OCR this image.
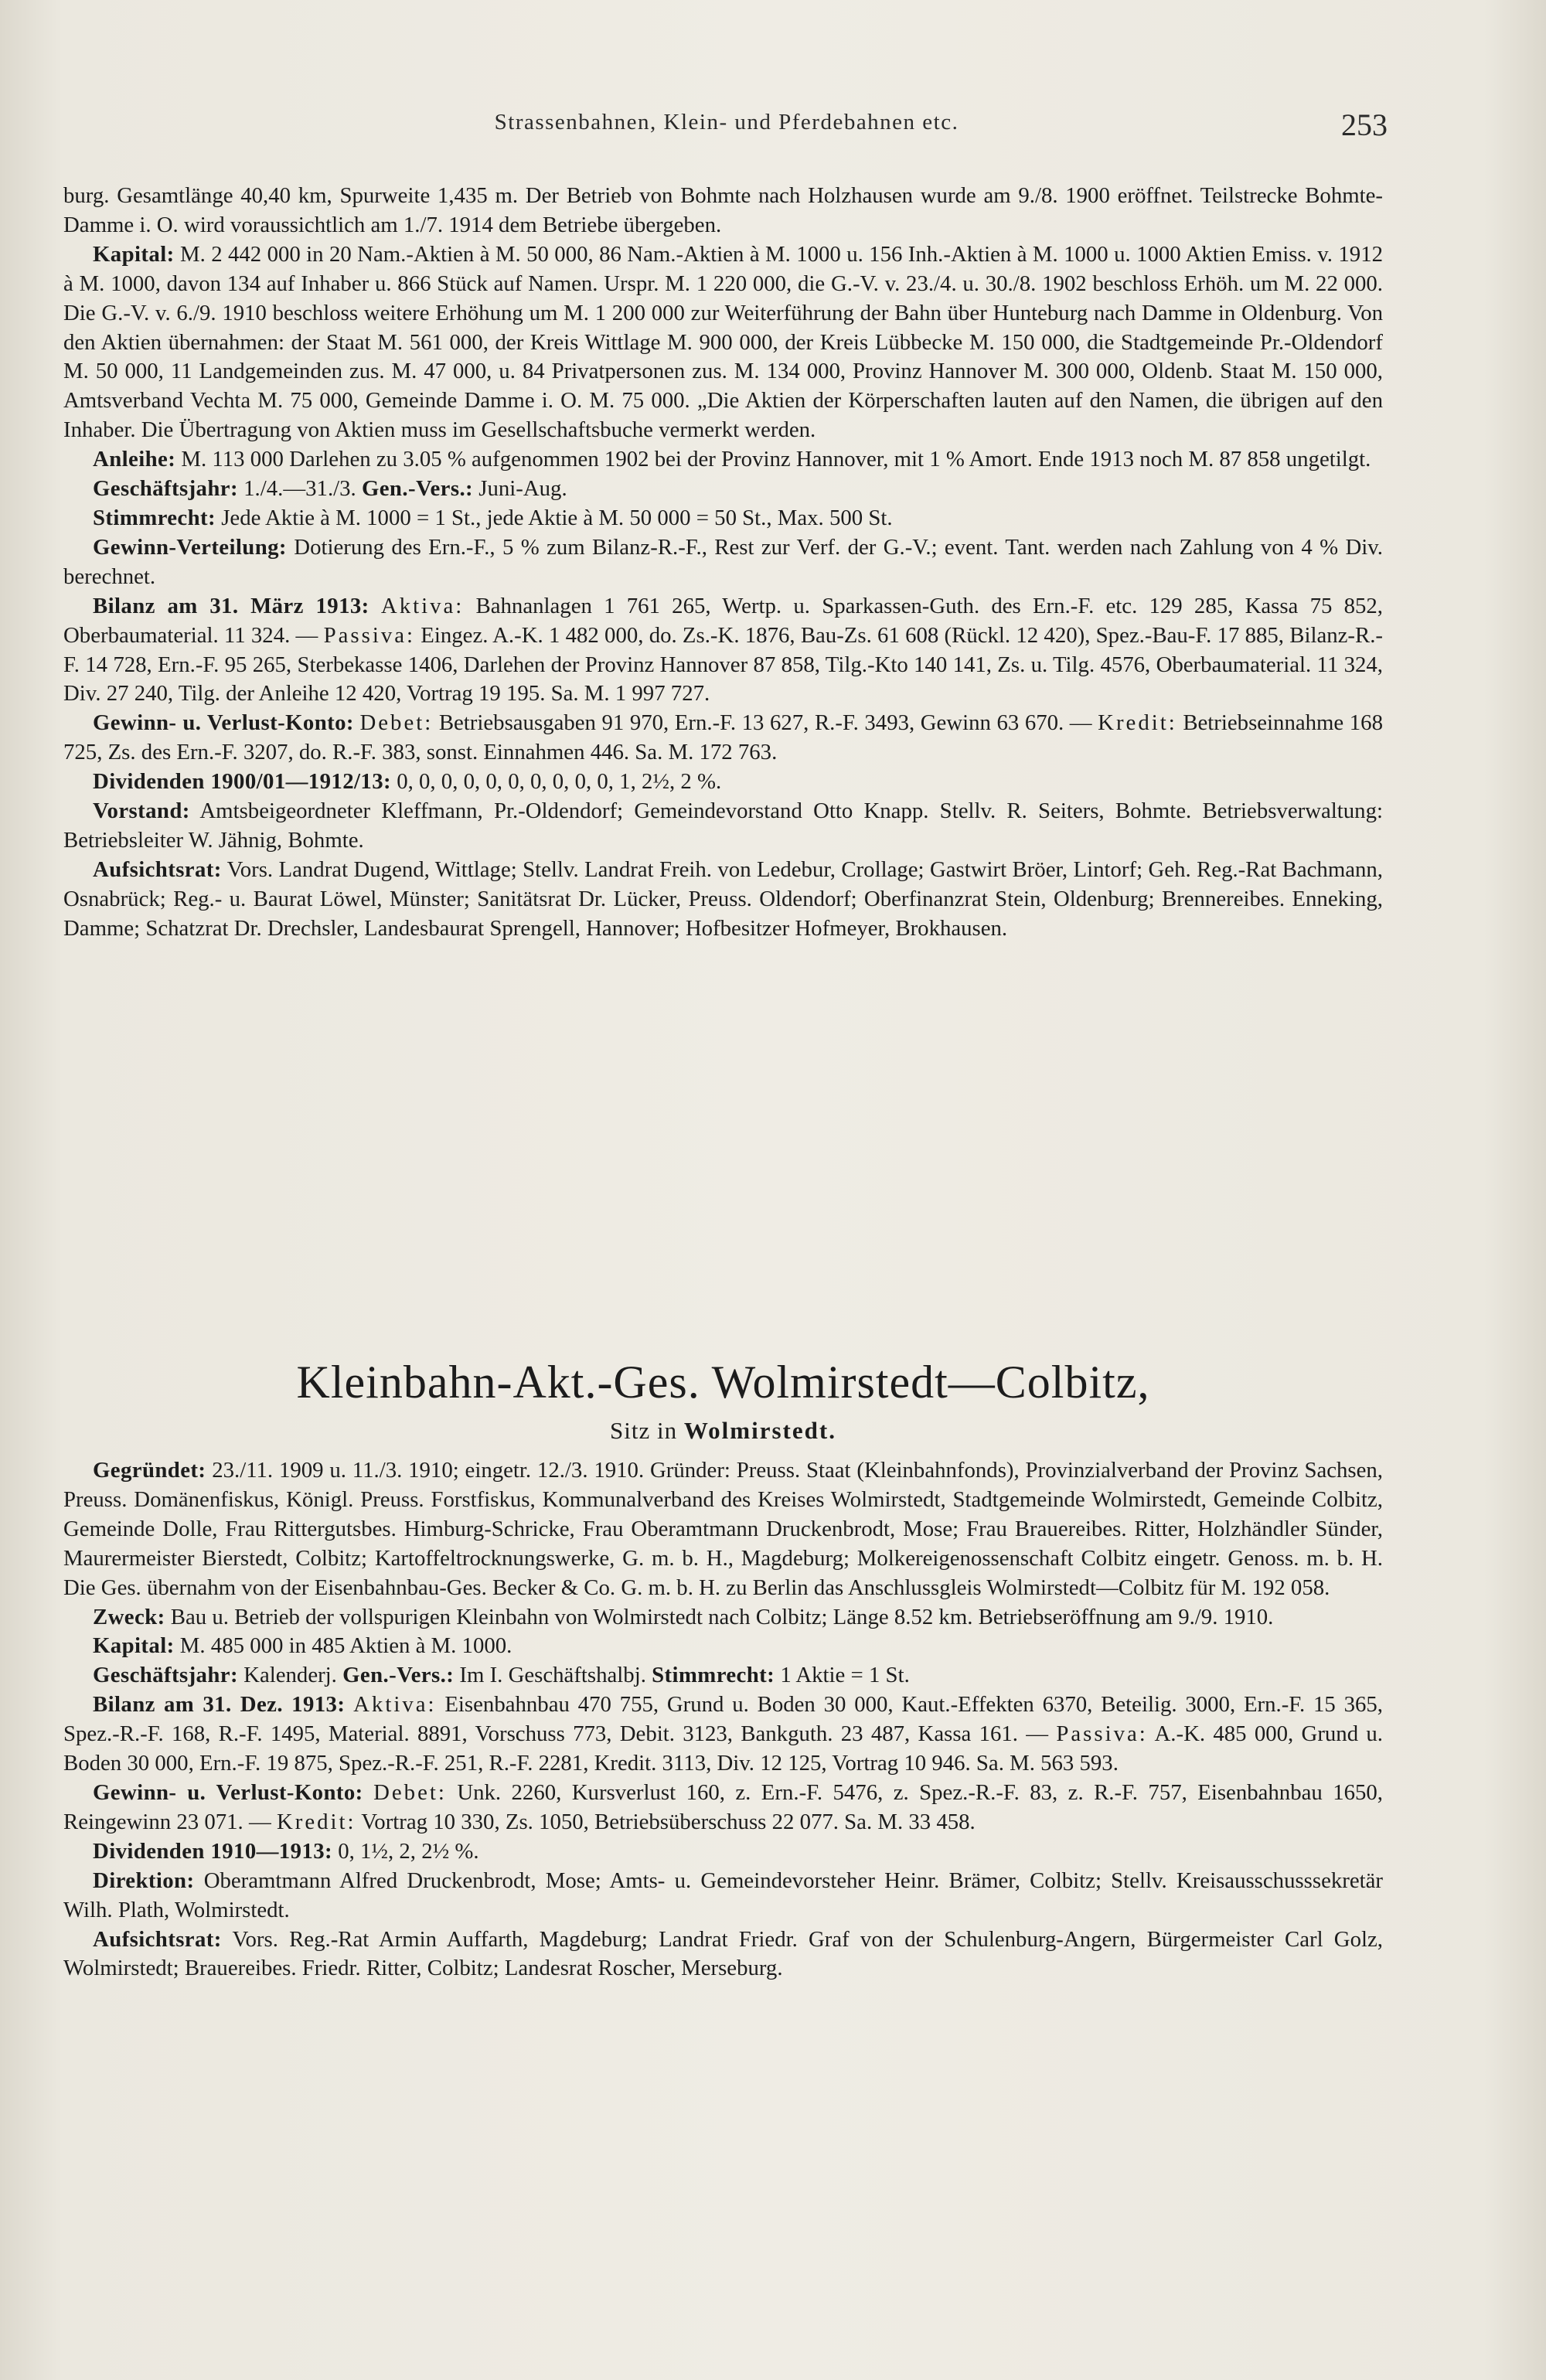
Strassenbahnen, Klein- und Pferdebahnen etc.	253

burg. Gesamtlänge 40,40 km, Spurweite 1,435 m. Der Betrieb von Bohmte nach Holzhausen wurde am 9./8. 1900 eröffnet. Teilstrecke Bohmte-Damme i. O. wird voraussichtlich am 1./7. 1914 dem Betriebe übergeben.

Kapital: M. 2 442 000 in 20 Nam.-Aktien à M. 50 000, 86 Nam.-Aktien à M. 1000 u. 156 Inh.-Aktien à M. 1000 u. 1000 Aktien Emiss. v. 1912 à M. 1000, davon 134 auf Inhaber u. 866 Stück auf Namen. Urspr. M. 1 220 000, die G.-V. v. 23./4. u. 30./8. 1902 beschloss Erhöh. um M. 22 000. Die G.-V. v. 6./9. 1910 beschloss weitere Erhöhung um M. 1 200 000 zur Weiterführung der Bahn über Hunteburg nach Damme in Oldenburg. Von den Aktien übernahmen: der Staat M. 561 000, der Kreis Wittlage M. 900 000, der Kreis Lübbecke M. 150 000, die Stadtgemeinde Pr.-Oldendorf M. 50 000, 11 Landgemeinden zus. M. 47 000, u. 84 Privatpersonen zus. M. 134 000, Provinz Hannover M. 300 000, Oldenb. Staat M. 150 000, Amtsverband Vechta M. 75 000, Gemeinde Damme i. O. M. 75 000. „Die Aktien der Körperschaften lauten auf den Namen, die übrigen auf den Inhaber. Die Übertragung von Aktien muss im Gesellschaftsbuche vermerkt werden.

Anleihe: M. 113 000 Darlehen zu 3.05 % aufgenommen 1902 bei der Provinz Hannover, mit 1 % Amort. Ende 1913 noch M. 87 858 ungetilgt.

Geschäftsjahr: 1./4.—31./3. Gen.-Vers.: Juni-Aug.

Stimmrecht: Jede Aktie à M. 1000 = 1 St., jede Aktie à M. 50 000 = 50 St., Max. 500 St.

Gewinn-Verteilung: Dotierung des Ern.-F., 5 % zum Bilanz-R.-F., Rest zur Verf. der G.-V.; event. Tant. werden nach Zahlung von 4 % Div. berechnet.

Bilanz am 31. März 1913: Aktiva: Bahnanlagen 1 761 265, Wertp. u. Sparkassen-Guth. des Ern.-F. etc. 129 285, Kassa 75 852, Oberbaumaterial. 11 324. — Passiva: Eingez. A.-K. 1 482 000, do. Zs.-K. 1876, Bau-Zs. 61 608 (Rückl. 12 420), Spez.-Bau-F. 17 885, Bilanz-R.-F. 14 728, Ern.-F. 95 265, Sterbekasse 1406, Darlehen der Provinz Hannover 87 858, Tilg.-Kto 140 141, Zs. u. Tilg. 4576, Oberbaumaterial. 11 324, Div. 27 240, Tilg. der Anleihe 12 420, Vortrag 19 195. Sa. M. 1 997 727.

Gewinn- u. Verlust-Konto: Debet: Betriebsausgaben 91 970, Ern.-F. 13 627, R.-F. 3493, Gewinn 63 670. — Kredit: Betriebseinnahme 168 725, Zs. des Ern.-F. 3207, do. R.-F. 383, sonst. Einnahmen 446. Sa. M. 172 763.

Dividenden 1900/01—1912/13: 0, 0, 0, 0, 0, 0, 0, 0, 0, 0, 1, 2½, 2 %.

Vorstand: Amtsbeigeordneter Kleffmann, Pr.-Oldendorf; Gemeindevorstand Otto Knapp. Stellv. R. Seiters, Bohmte. Betriebsverwaltung: Betriebsleiter W. Jähnig, Bohmte.

Aufsichtsrat: Vors. Landrat Dugend, Wittlage; Stellv. Landrat Freih. von Ledebur, Crollage; Gastwirt Bröer, Lintorf; Geh. Reg.-Rat Bachmann, Osnabrück; Reg.- u. Baurat Löwel, Münster; Sanitätsrat Dr. Lücker, Preuss. Oldendorf; Oberfinanzrat Stein, Oldenburg; Brennereibes. Enneking, Damme; Schatzrat Dr. Drechsler, Landesbaurat Sprengell, Hannover; Hofbesitzer Hofmeyer, Brokhausen.

Kleinbahn-Akt.-Ges. Wolmirstedt—Colbitz,
Sitz in Wolmirstedt.

Gegründet: 23./11. 1909 u. 11./3. 1910; eingetr. 12./3. 1910. Gründer: Preuss. Staat (Kleinbahnfonds), Provinzialverband der Provinz Sachsen, Preuss. Domänenfiskus, Königl. Preuss. Forstfiskus, Kommunalverband des Kreises Wolmirstedt, Stadtgemeinde Wolmirstedt, Gemeinde Colbitz, Gemeinde Dolle, Frau Rittergutsbes. Himburg-Schricke, Frau Oberamtmann Druckenbrodt, Mose; Frau Brauereibes. Ritter, Holzhändler Sünder, Maurermeister Bierstedt, Colbitz; Kartoffeltrocknungswerke, G. m. b. H., Magdeburg; Molkereigenossenschaft Colbitz eingetr. Genoss. m. b. H. Die Ges. übernahm von der Eisenbahnbau-Ges. Becker & Co. G. m. b. H. zu Berlin das Anschlussgleis Wolmirstedt—Colbitz für M. 192 058.

Zweck: Bau u. Betrieb der vollspurigen Kleinbahn von Wolmirstedt nach Colbitz; Länge 8.52 km. Betriebseröffnung am 9./9. 1910.

Kapital: M. 485 000 in 485 Aktien à M. 1000.

Geschäftsjahr: Kalenderj. Gen.-Vers.: Im I. Geschäftshalbj. Stimmrecht: 1 Aktie = 1 St.

Bilanz am 31. Dez. 1913: Aktiva: Eisenbahnbau 470 755, Grund u. Boden 30 000, Kaut.-Effekten 6370, Beteilig. 3000, Ern.-F. 15 365, Spez.-R.-F. 168, R.-F. 1495, Material. 8891, Vorschuss 773, Debit. 3123, Bankguth. 23 487, Kassa 161. — Passiva: A.-K. 485 000, Grund u. Boden 30 000, Ern.-F. 19 875, Spez.-R.-F. 251, R.-F. 2281, Kredit. 3113, Div. 12 125, Vortrag 10 946. Sa. M. 563 593.

Gewinn- u. Verlust-Konto: Debet: Unk. 2260, Kursverlust 160, z. Ern.-F. 5476, z. Spez.-R.-F. 83, z. R.-F. 757, Eisenbahnbau 1650, Reingewinn 23 071. — Kredit: Vortrag 10 330, Zs. 1050, Betriebsüberschuss 22 077. Sa. M. 33 458.

Dividenden 1910—1913: 0, 1½, 2, 2½ %.

Direktion: Oberamtmann Alfred Druckenbrodt, Mose; Amts- u. Gemeindevorsteher Heinr. Brämer, Colbitz; Stellv. Kreisausschusssekretär Wilh. Plath, Wolmirstedt.

Aufsichtsrat: Vors. Reg.-Rat Armin Auffarth, Magdeburg; Landrat Friedr. Graf von der Schulenburg-Angern, Bürgermeister Carl Golz, Wolmirstedt; Brauereibes. Friedr. Ritter, Colbitz; Landesrat Roscher, Merseburg.
